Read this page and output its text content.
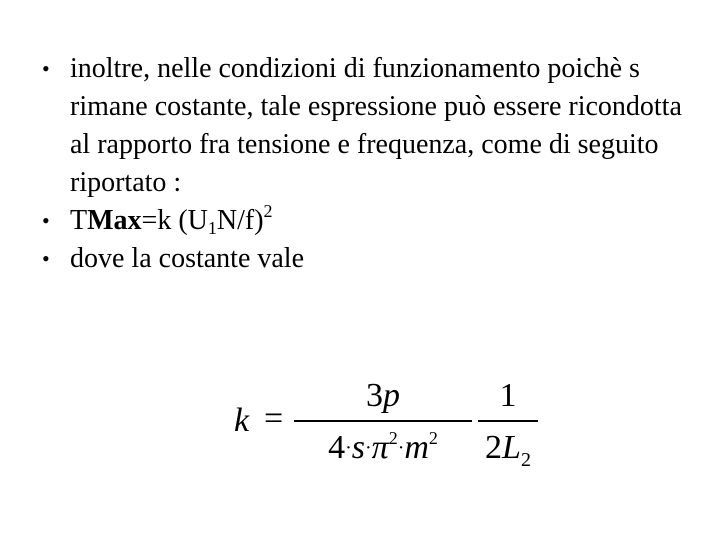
• inoltre, nelle condizioni di funzionamento poichè s rimane costante, tale espressione può essere ricondotta al rapporto fra tensione e frequenza, come di seguito riportato :
• TMax=k $(U_1N/f)^2$
• dove la costante vale
k =
3p
$4\cdot s\cdot\pi^2\cdot m^2$
1
$2L_2$
